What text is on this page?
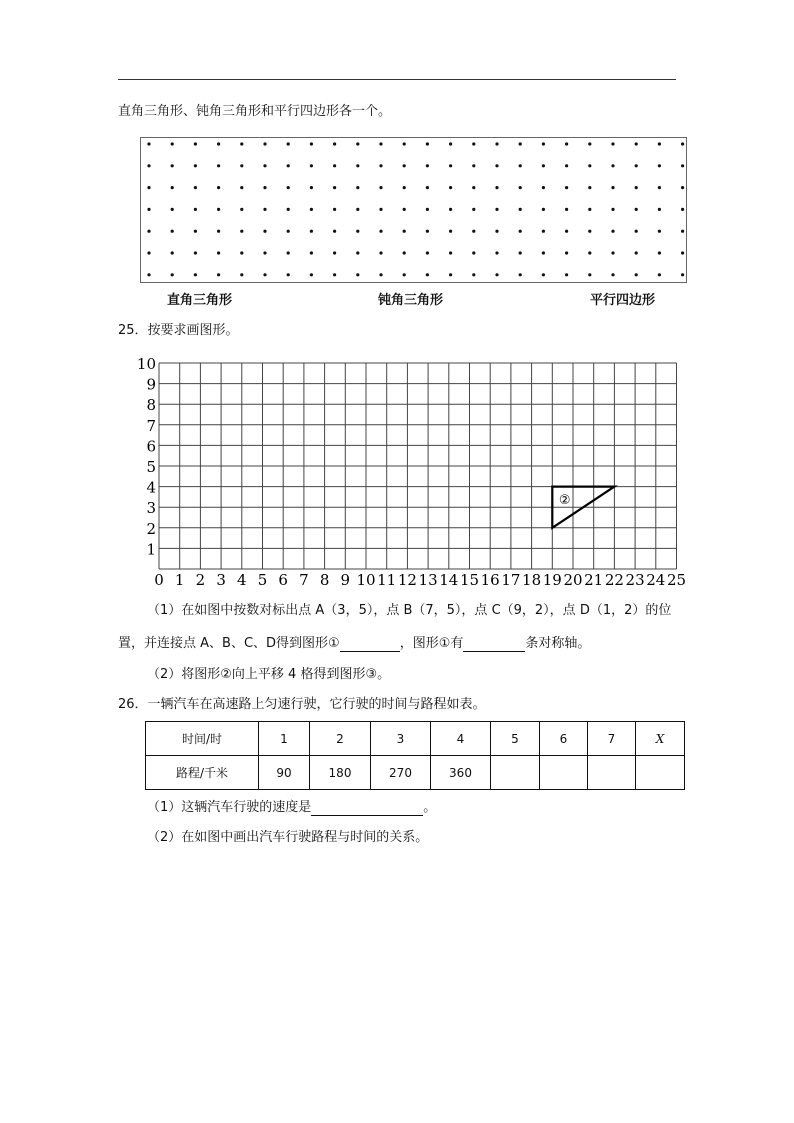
直角三角形、钝角三角形和平行四边形各一个。
直角三角形	钝角三角形	平行四边形
25．按要求画图形。
0 1 2 3 4 5 6 7 8 9 10 11 12 13 14 15 16 17 18 19 20 21 22 23 24 25
1
2
3
4
5
6
7
8
9
10
②
（1）在如图中按数对标出点 A（3，5），点 B（7，5），点 C（9，2），点 D（1，2）的位
置，并连接点 A、B、C、D得到图形①	，图形①有	条对称轴。
（2）将图形②向上平移 4 格得到图形③。
26．一辆汽车在高速路上匀速行驶，它行驶的时间与路程如表。
时间/时	1	2	3	4	5	6	7	X
路程/千米	90	180	270	360				
（1）这辆汽车行驶的速度是	。
（2）在如图中画出汽车行驶路程与时间的关系。
